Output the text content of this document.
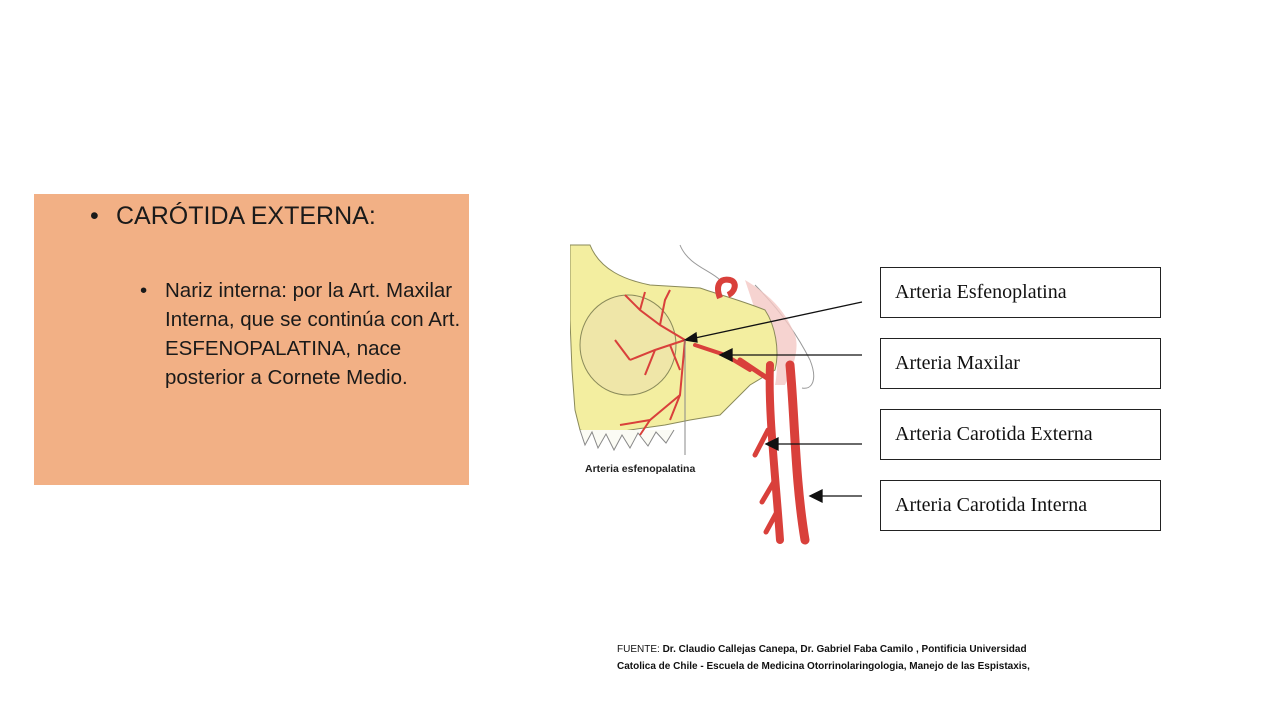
• CARÓTIDA EXTERNA:
• Nariz interna: por la Art. Maxilar Interna, que se continúa con Art. ESFENOPALATINA, nace posterior a Cornete Medio.
Arteria esfenopalatina
Arteria Esfenoplatina
Arteria Maxilar
Arteria Carotida Externa
Arteria Carotida Interna
FUENTE: Dr. Claudio Callejas Canepa, Dr. Gabriel Faba Camilo , Pontificia Universidad
Catolica de Chile - Escuela de Medicina Otorrinolaringologia, Manejo de las Espistaxis,
